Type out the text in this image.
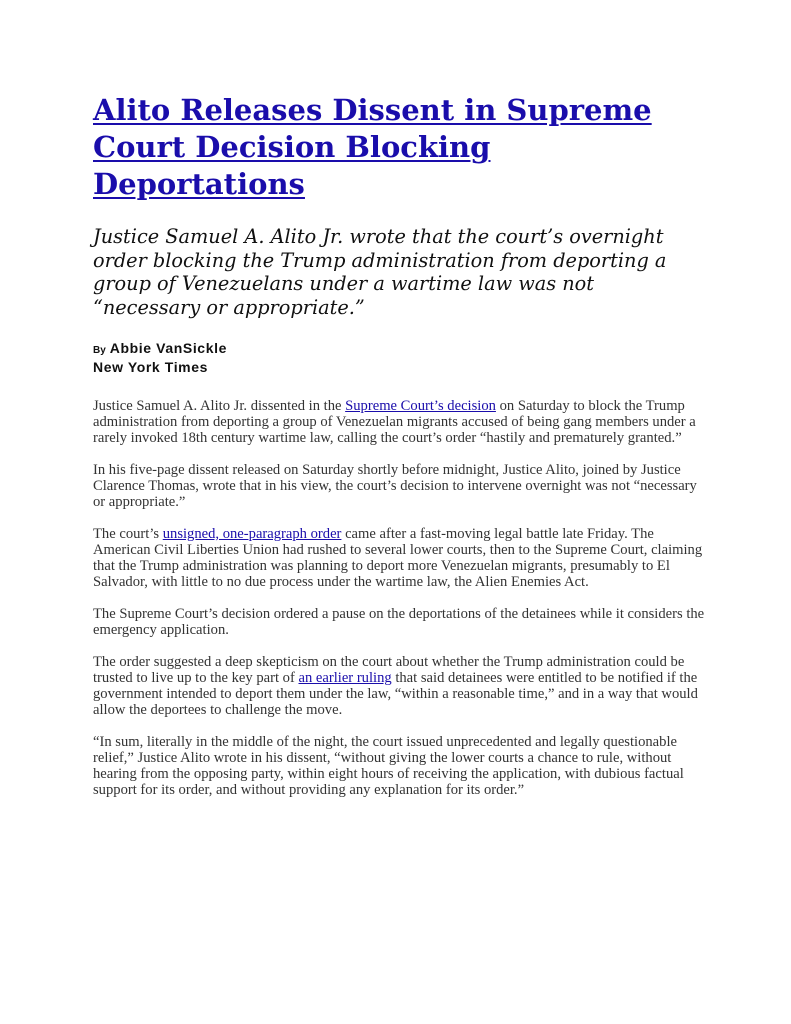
Alito Releases Dissent in Supreme Court Decision Blocking Deportations
Justice Samuel A. Alito Jr. wrote that the court’s overnight order blocking the Trump administration from deporting a group of Venezuelans under a wartime law was not “necessary or appropriate.”
By Abbie VanSickle
New York Times

Justice Samuel A. Alito Jr. dissented in the Supreme Court’s decision on Saturday to block the Trump administration from deporting a group of Venezuelan migrants accused of being gang members under a rarely invoked 18th century wartime law, calling the court’s order “hastily and prematurely granted.”

In his five-page dissent released on Saturday shortly before midnight, Justice Alito, joined by Justice Clarence Thomas, wrote that in his view, the court’s decision to intervene overnight was not “necessary or appropriate.”

The court’s unsigned, one-paragraph order came after a fast-moving legal battle late Friday. The American Civil Liberties Union had rushed to several lower courts, then to the Supreme Court, claiming that the Trump administration was planning to deport more Venezuelan migrants, presumably to El Salvador, with little to no due process under the wartime law, the Alien Enemies Act.

The Supreme Court’s decision ordered a pause on the deportations of the detainees while it considers the emergency application.

The order suggested a deep skepticism on the court about whether the Trump administration could be trusted to live up to the key part of an earlier ruling that said detainees were entitled to be notified if the government intended to deport them under the law, “within a reasonable time,” and in a way that would allow the deportees to challenge the move.

“In sum, literally in the middle of the night, the court issued unprecedented and legally questionable relief,” Justice Alito wrote in his dissent, “without giving the lower courts a chance to rule, without hearing from the opposing party, within eight hours of receiving the application, with dubious factual support for its order, and without providing any explanation for its order.”
